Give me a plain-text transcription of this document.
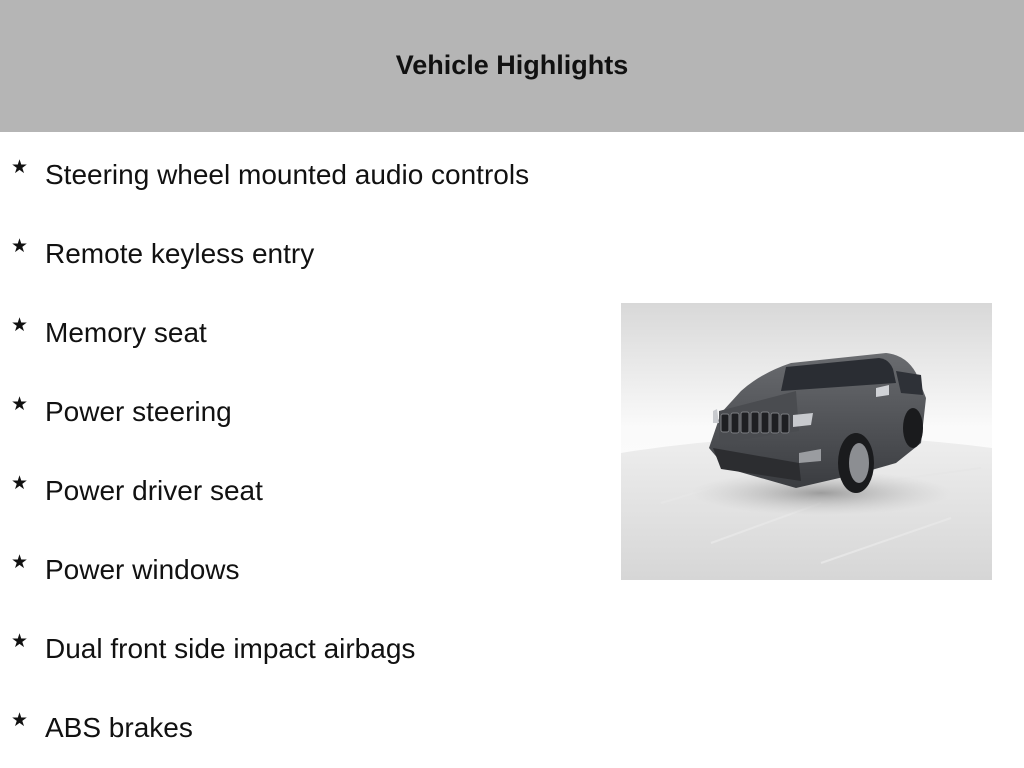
Vehicle Highlights
★ Steering wheel mounted audio controls
★ Remote keyless entry
★ Memory seat
★ Power steering
★ Power driver seat
★ Power windows
★ Dual front side impact airbags
★ ABS brakes
